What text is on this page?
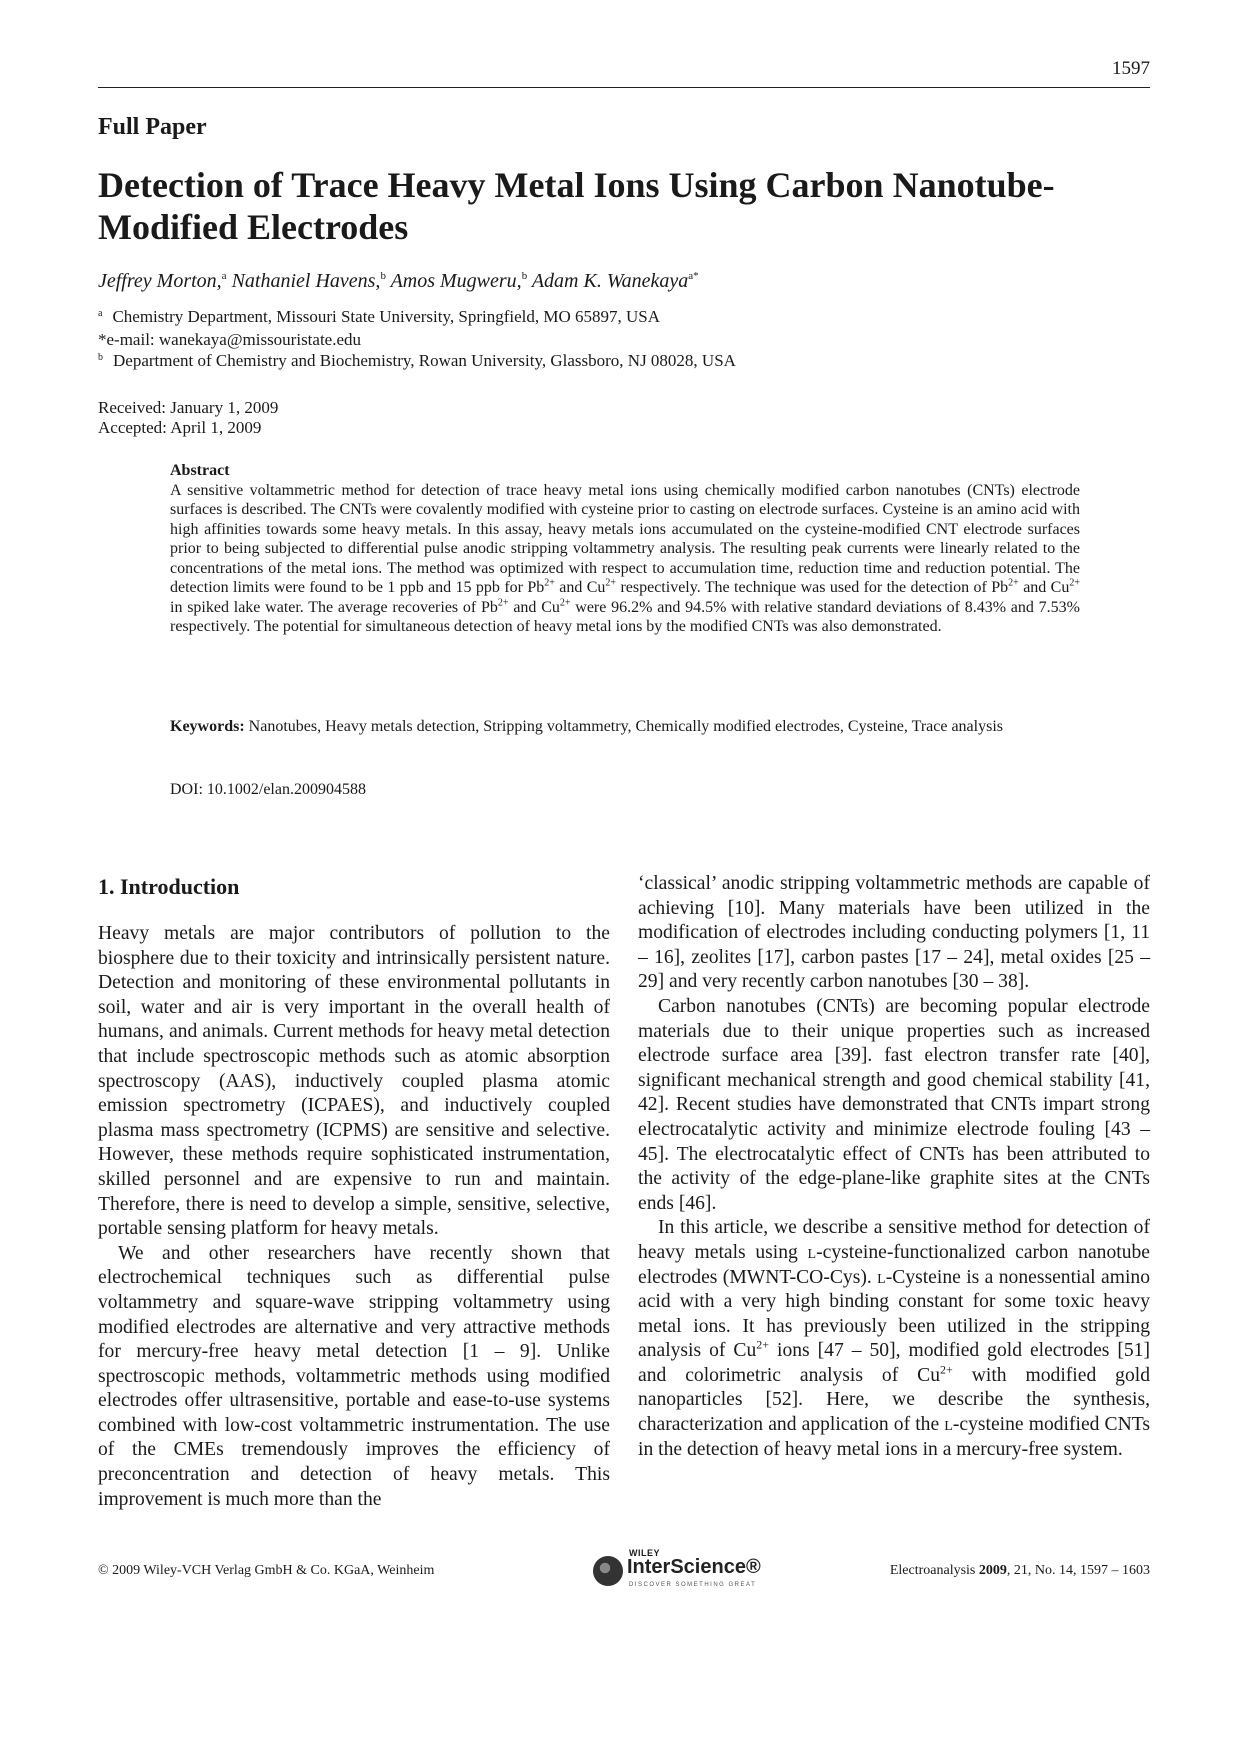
1597
Full Paper
Detection of Trace Heavy Metal Ions Using Carbon Nanotube-Modified Electrodes
Jeffrey Morton,$^a$ Nathaniel Havens,$^b$ Amos Mugweru,$^b$ Adam K. Wanekaya$^{a*}$
$^a$ Chemistry Department, Missouri State University, Springfield, MO 65897, USA
*e-mail: wanekaya@missouristate.edu
$^b$ Department of Chemistry and Biochemistry, Rowan University, Glassboro, NJ 08028, USA
Received: January 1, 2009
Accepted: April 1, 2009
Abstract

A sensitive voltammetric method for detection of trace heavy metal ions using chemically modified carbon nanotubes (CNTs) electrode surfaces is described. The CNTs were covalently modified with cysteine prior to casting on electrode surfaces. Cysteine is an amino acid with high affinities towards some heavy metals. In this assay, heavy metals ions accumulated on the cysteine-modified CNT electrode surfaces prior to being subjected to differential pulse anodic stripping voltammetry analysis. The resulting peak currents were linearly related to the concentrations of the metal ions. The method was optimized with respect to accumulation time, reduction time and reduction potential. The detection limits were found to be 1 ppb and 15 ppb for $Pb^{2+}$ and $Cu^{2+}$ respectively. The technique was used for the detection of $Pb^{2+}$ and $Cu^{2+}$ in spiked lake water. The average recoveries of $Pb^{2+}$ and $Cu^{2+}$ were 96.2% and 94.5% with relative standard deviations of 8.43% and 7.53% respectively. The potential for simultaneous detection of heavy metal ions by the modified CNTs was also demonstrated.

Keywords: Nanotubes, Heavy metals detection, Stripping voltammetry, Chemically modified electrodes, Cysteine, Trace analysis
DOI: 10.1002/elan.200904588
1. Introduction

Heavy metals are major contributors of pollution to the biosphere due to their toxicity and intrinsically persistent nature. Detection and monitoring of these environmental pollutants in soil, water and air is very important in the overall health of humans, and animals. Current methods for heavy metal detection that include spectroscopic methods such as atomic absorption spectroscopy (AAS), inductively coupled plasma atomic emission spectrometry (ICPAES), and inductively coupled plasma mass spectrometry (ICPMS) are sensitive and selective. However, these methods require sophisticated instrumentation, skilled personnel and are expensive to run and maintain. Therefore, there is need to develop a simple, sensitive, selective, portable sensing platform for heavy metals.

We and other researchers have recently shown that electrochemical techniques such as differential pulse voltammetry and square-wave stripping voltammetry using modified electrodes are alternative and very attractive methods for mercury-free heavy metal detection [1 – 9]. Unlike spectroscopic methods, voltammetric methods using modified electrodes offer ultrasensitive, portable and ease-to-use systems combined with low-cost voltammetric instrumentation. The use of the CMEs tremendously improves the efficiency of preconcentration and detection of heavy metals. This improvement is much more than the

‘classical’ anodic stripping voltammetric methods are capable of achieving [10]. Many materials have been utilized in the modification of electrodes including conducting polymers [1, 11 – 16], zeolites [17], carbon pastes [17 – 24], metal oxides [25 – 29] and very recently carbon nanotubes [30 – 38].

Carbon nanotubes (CNTs) are becoming popular electrode materials due to their unique properties such as increased electrode surface area [39]. fast electron transfer rate [40], significant mechanical strength and good chemical stability [41, 42]. Recent studies have demonstrated that CNTs impart strong electrocatalytic activity and minimize electrode fouling [43 – 45]. The electrocatalytic effect of CNTs has been attributed to the activity of the edge-plane-like graphite sites at the CNTs ends [46].

In this article, we describe a sensitive method for detection of heavy metals using l-cysteine-functionalized carbon nanotube electrodes (MWNT-CO-Cys). l-Cysteine is a nonessential amino acid with a very high binding constant for some toxic heavy metal ions. It has previously been utilized in the stripping analysis of $Cu^{2+}$ ions [47 – 50], modified gold electrodes [51] and colorimetric analysis of $Cu^{2+}$ with modified gold nanoparticles [52]. Here, we describe the synthesis, characterization and application of the l-cysteine modified CNTs in the detection of heavy metal ions in a mercury-free system.

© 2009 Wiley-VCH Verlag GmbH & Co. KGaA, Weinheim
WILEY
InterScience®
DISCOVER SOMETHING GREAT
Electroanalysis 2009, 21, No. 14, 1597 – 1603
